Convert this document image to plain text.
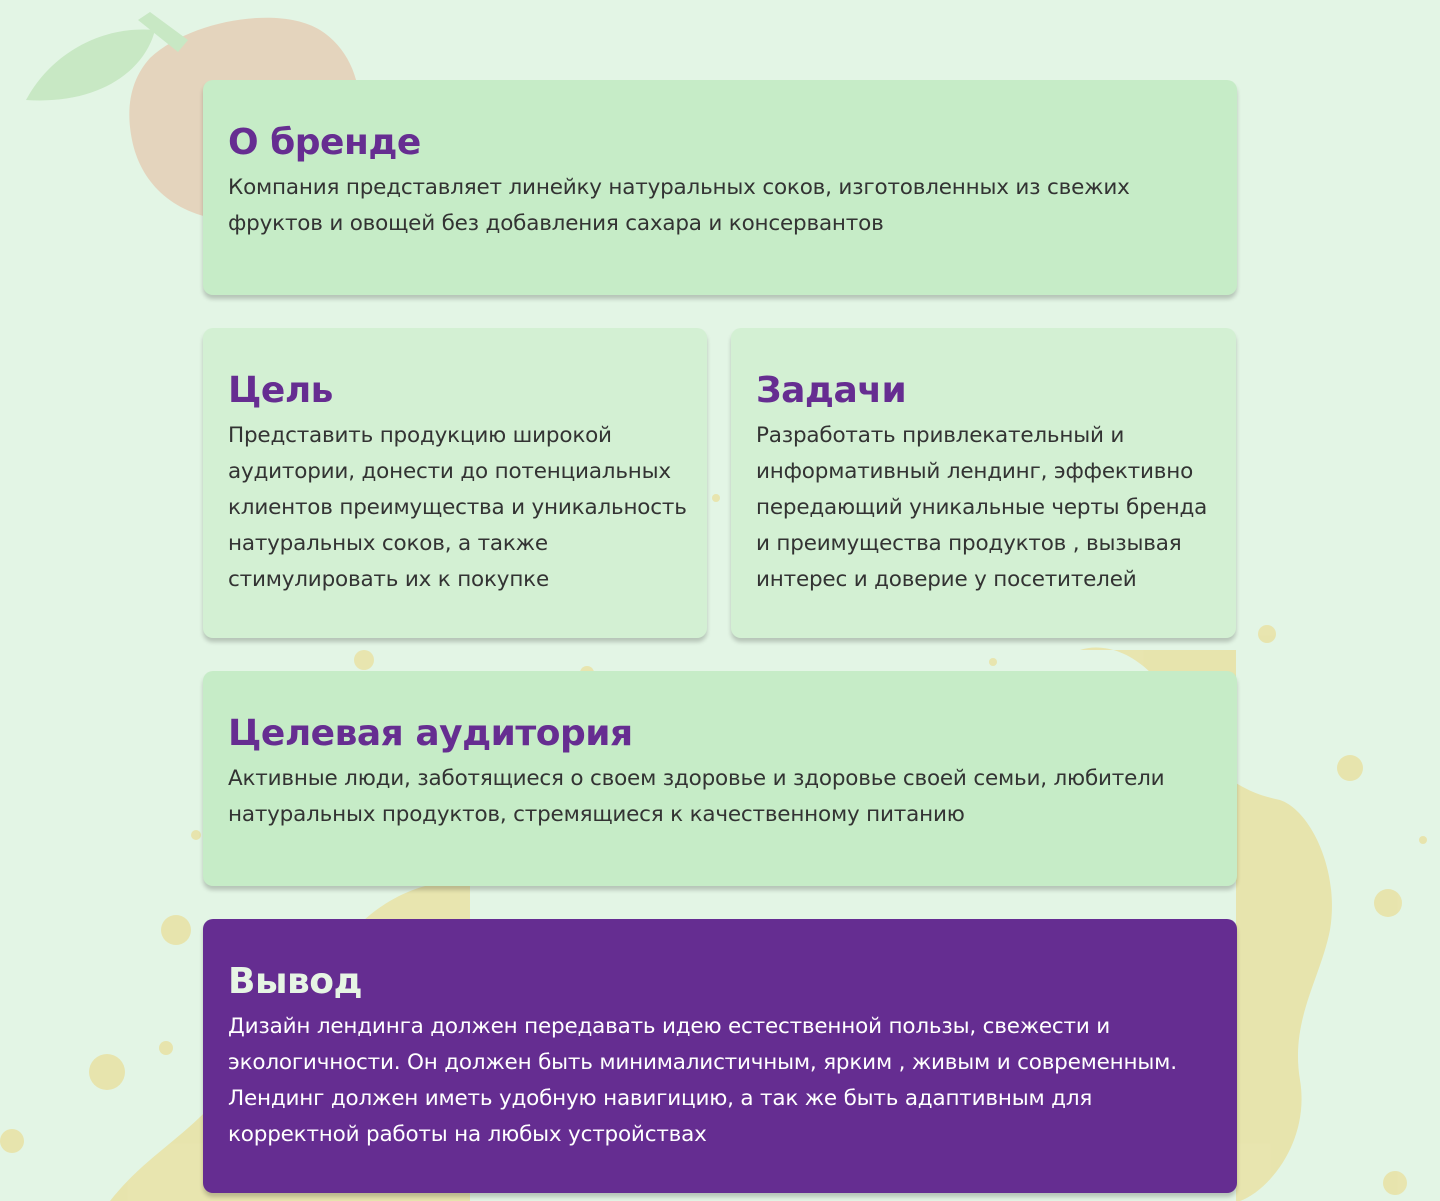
О бренде

Компания представляет линейку натуральных соков, изготовленных из свежих фруктов и овощей без добавления сахара и консервантов

Цель

Представить продукцию широкой аудитории, донести до потенциальных клиентов преимущества и уникальность натуральных соков, а также стимулировать их к покупке

Задачи

Разработать привлекательный и информативный лендинг, эффективно передающий уникальные черты бренда и преимущества продуктов , вызывая интерес и доверие у посетителей

Целевая аудитория

Активные люди, заботящиеся о своем здоровье и здоровье своей семьи, любители натуральных продуктов, стремящиеся к качественному питанию

Вывод

Дизайн лендинга должен передавать идею естественной пользы, свежести и экологичности. Он должен быть минималистичным, ярким , живым и современным. Лендинг должен иметь удобную навигицию, а так же быть адаптивным для корректной работы на любых устройствах
